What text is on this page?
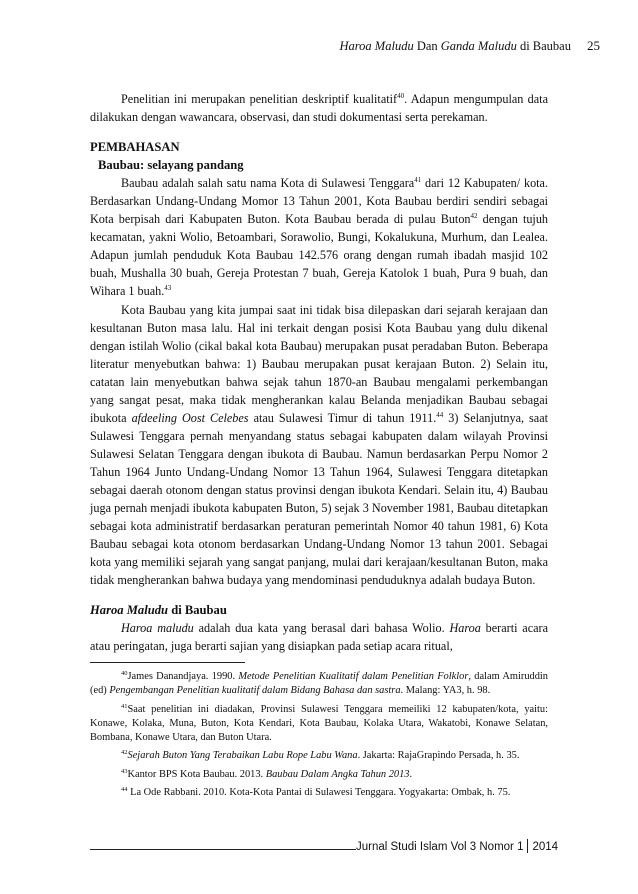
Haroa Maludu Dan Ganda Maludu di Baubau 25

Penelitian ini merupakan penelitian deskriptif kualitatif$^{40}$. Adapun mengumpulan data dilakukan dengan wawancara, observasi, dan studi dokumentasi serta perekaman.

PEMBAHASAN

Baubau: selayang pandang

Baubau adalah salah satu nama Kota di Sulawesi Tenggara$^{41}$ dari 12 Kabupaten/ kota. Berdasarkan Undang-Undang Momor 13 Tahun 2001, Kota Baubau berdiri sendiri sebagai Kota berpisah dari Kabupaten Buton. Kota Baubau berada di pulau Buton$^{42}$ dengan tujuh kecamatan, yakni Wolio, Betoambari, Sorawolio, Bungi, Kokalukuna, Murhum, dan Lealea. Adapun jumlah penduduk Kota Baubau 142.576 orang dengan rumah ibadah masjid 102 buah, Mushalla 30 buah, Gereja Protestan 7 buah, Gereja Katolok 1 buah, Pura 9 buah, dan Wihara 1 buah.$^{43}$

Kota Baubau yang kita jumpai saat ini tidak bisa dilepaskan dari sejarah kerajaan dan kesultanan Buton masa lalu. Hal ini terkait dengan posisi Kota Baubau yang dulu dikenal dengan istilah Wolio (cikal bakal kota Baubau) merupakan pusat peradaban Buton. Beberapa literatur menyebutkan bahwa: 1) Baubau merupakan pusat kerajaan Buton. 2) Selain itu, catatan lain menyebutkan bahwa sejak tahun 1870-an Baubau mengalami perkembangan yang sangat pesat, maka tidak mengherankan kalau Belanda menjadikan Baubau sebagai ibukota afdeeling Oost Celebes atau Sulawesi Timur di tahun 1911.44 3) Selanjutnya, saat Sulawesi Tenggara pernah menyandang status sebagai kabupaten dalam wilayah Provinsi Sulawesi Selatan Tenggara dengan ibukota di Baubau. Namun berdasarkan Perpu Nomor 2 Tahun 1964 Junto Undang-Undang Nomor 13 Tahun 1964, Sulawesi Tenggara ditetapkan sebagai daerah otonom dengan status provinsi dengan ibukota Kendari. Selain itu, 4) Baubau juga pernah menjadi ibukota kabupaten Buton, 5) sejak 3 November 1981, Baubau ditetapkan sebagai kota administratif berdasarkan peraturan pemerintah Nomor 40 tahun 1981, 6) Kota Baubau sebagai kota otonom berdasarkan Undang-Undang Nomor 13 tahun 2001. Sebagai kota yang memiliki sejarah yang sangat panjang, mulai dari kerajaan/kesultanan Buton, maka tidak mengherankan bahwa budaya yang mendominasi penduduknya adalah budaya Buton.

Haroa Maludu di Baubau

Haroa maludu adalah dua kata yang berasal dari bahasa Wolio. Haroa berarti acara atau peringatan, juga berarti sajian yang disiapkan pada setiap acara ritual,

$^{40}$James Danandjaya. 1990. Metode Penelitian Kualitatif dalam Penelitian Folklor, dalam Amiruddin (ed) Pengembangan Penelitian kualitatif dalam Bidang Bahasa dan sastra. Malang: YA3, h. 98.

$^{41}$Saat penelitian ini diadakan, Provinsi Sulawesi Tenggara memeiliki 12 kabupaten/kota, yaitu: Konawe, Kolaka, Muna, Buton, Kota Kendari, Kota Baubau, Kolaka Utara, Wakatobi, Konawe Selatan, Bombana, Konawe Utara, dan Buton Utara.

$^{42}$Sejarah Buton Yang Terabaikan Labu Rope Labu Wana. Jakarta: RajaGrapindo Persada, h. 35.

$^{43}$Kantor BPS Kota Baubau. 2013. Baubau Dalam Angka Tahun 2013.

$^{44}$ La Ode Rabbani. 2010. Kota-Kota Pantai di Sulawesi Tenggara. Yogyakarta: Ombak, h. 75.

Jurnal Studi Islam Vol 3 Nomor 1 2014
